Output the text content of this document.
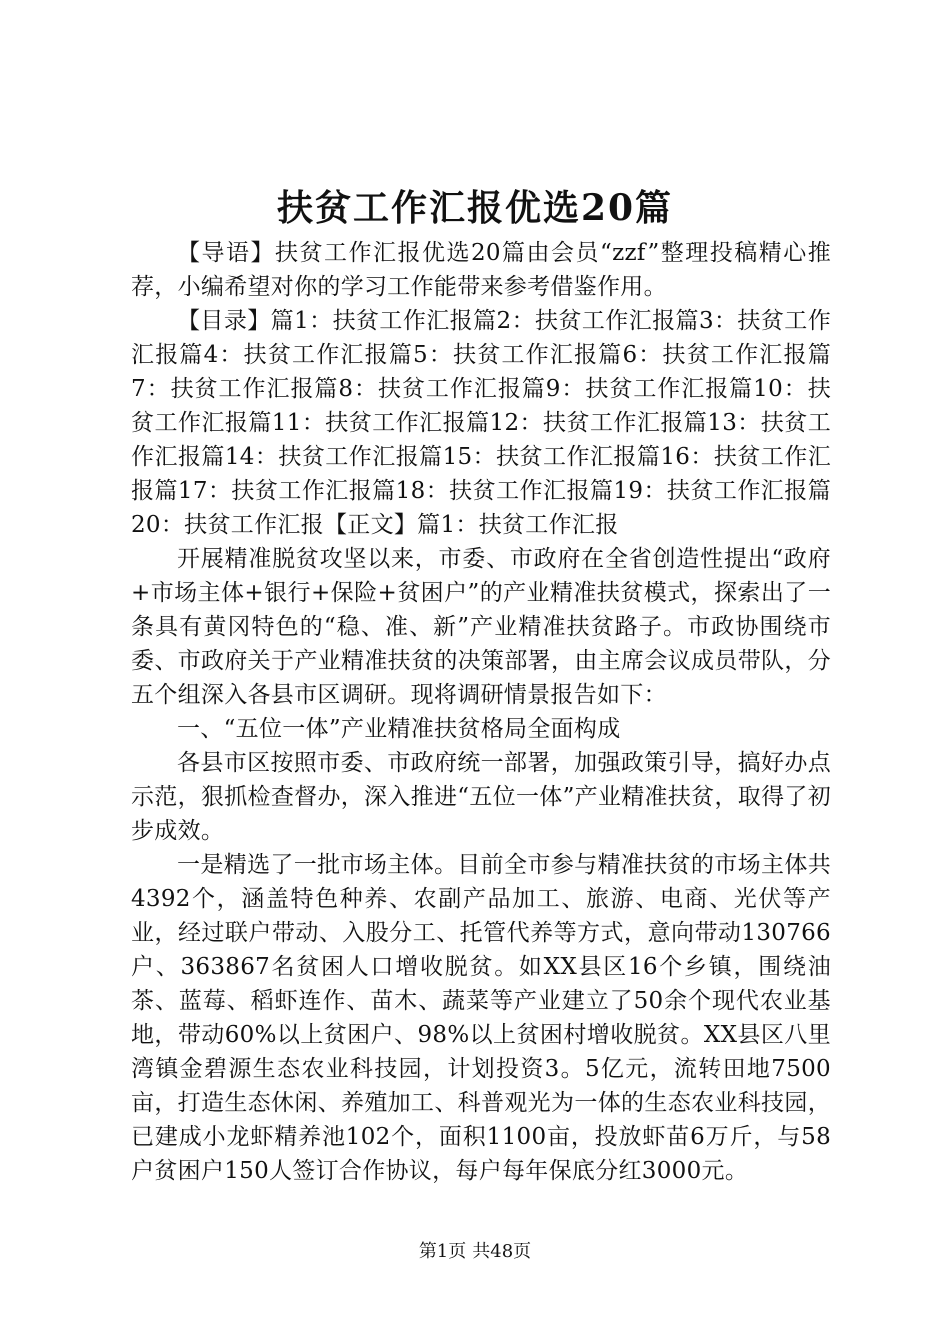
扶贫工作汇报优选20篇

【导语】扶贫工作汇报优选20篇由会员“zzf”整理投稿精心推荐，小编希望对你的学习工作能带来参考借鉴作用。

【目录】篇1：扶贫工作汇报篇2：扶贫工作汇报篇3：扶贫工作汇报篇4：扶贫工作汇报篇5：扶贫工作汇报篇6：扶贫工作汇报篇7：扶贫工作汇报篇8：扶贫工作汇报篇9：扶贫工作汇报篇10：扶贫工作汇报篇11：扶贫工作汇报篇12：扶贫工作汇报篇13：扶贫工作汇报篇14：扶贫工作汇报篇15：扶贫工作汇报篇16：扶贫工作汇报篇17：扶贫工作汇报篇18：扶贫工作汇报篇19：扶贫工作汇报篇20：扶贫工作汇报【正文】篇1：扶贫工作汇报

开展精准脱贫攻坚以来，市委、市政府在全省创造性提出“政府+市场主体+银行+保险+贫困户”的产业精准扶贫模式，探索出了一条具有黄冈特色的“稳、准、新”产业精准扶贫路子。市政协围绕市委、市政府关于产业精准扶贫的决策部署，由主席会议成员带队，分五个组深入各县市区调研。现将调研情景报告如下：

一、“五位一体”产业精准扶贫格局全面构成

各县市区按照市委、市政府统一部署，加强政策引导，搞好办点示范，狠抓检查督办，深入推进“五位一体”产业精准扶贫，取得了初步成效。

一是精选了一批市场主体。目前全市参与精准扶贫的市场主体共4392个，涵盖特色种养、农副产品加工、旅游、电商、光伏等产业，经过联户带动、入股分工、托管代养等方式，意向带动130766户、363867名贫困人口增收脱贫。如XX县区16个乡镇，围绕油茶、蓝莓、稻虾连作、苗木、蔬菜等产业建立了50余个现代农业基地，带动60%以上贫困户、98%以上贫困村增收脱贫。XX县区八里湾镇金碧源生态农业科技园，计划投资3。5亿元，流转田地7500亩，打造生态休闲、养殖加工、科普观光为一体的生态农业科技园，已建成小龙虾精养池102个，面积1100亩，投放虾苗6万斤，与58户贫困户150人签订合作协议，每户每年保底分红3000元。

第1页 共48页
